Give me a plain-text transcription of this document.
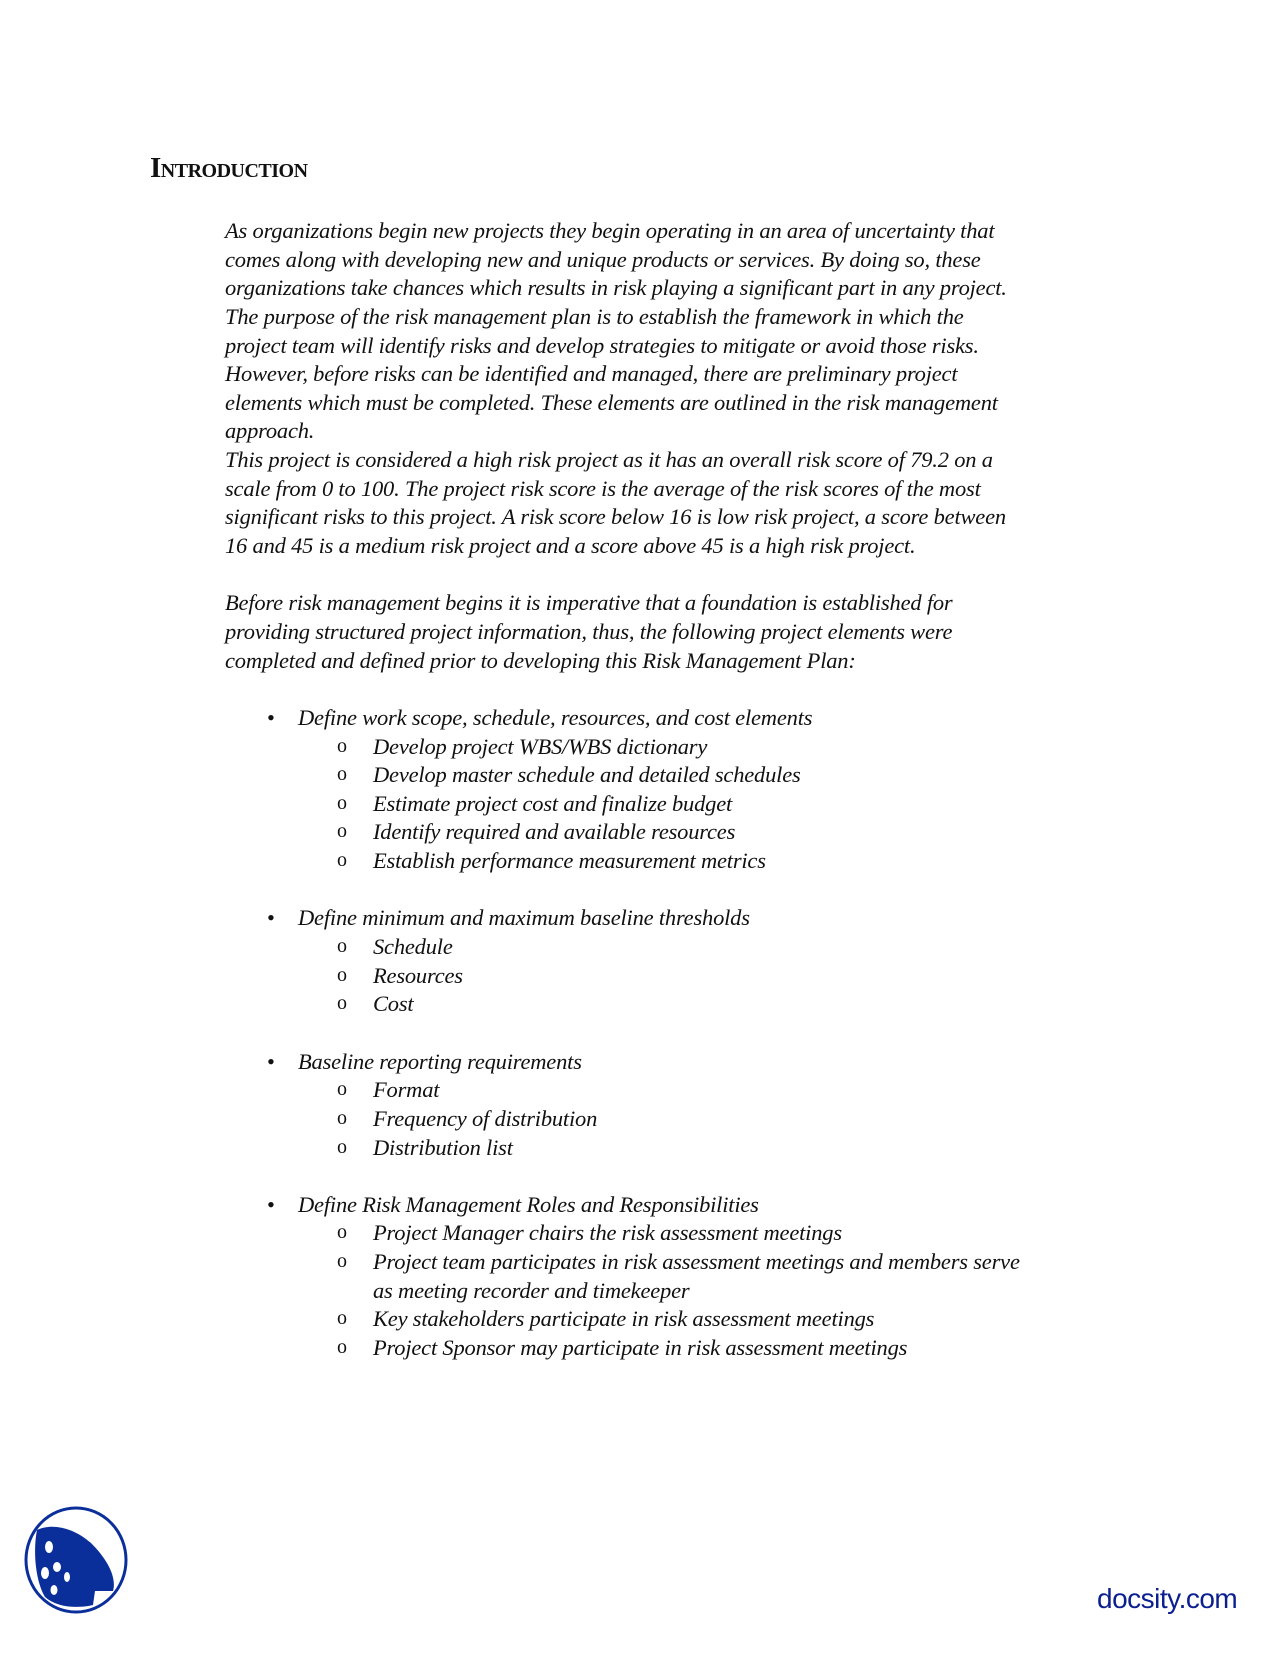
Introduction
As organizations begin new projects they begin operating in an area of uncertainty that
comes along with developing new and unique products or services. By doing so, these
organizations take chances which results in risk playing a significant part in any project.
The purpose of the risk management plan is to establish the framework in which the
project team will identify risks and develop strategies to mitigate or avoid those risks.
However, before risks can be identified and managed, there are preliminary project
elements which must be completed. These elements are outlined in the risk management
approach.
This project is considered a high risk project as it has an overall risk score of 79.2 on a
scale from 0 to 100. The project risk score is the average of the risk scores of the most
significant risks to this project. A risk score below 16 is low risk project, a score between
16 and 45 is a medium risk project and a score above 45 is a high risk project.
Before risk management begins it is imperative that a foundation is established for
providing structured project information, thus, the following project elements were
completed and defined prior to developing this Risk Management Plan:
• Define work scope, schedule, resources, and cost elements
o Develop project WBS/WBS dictionary
o Develop master schedule and detailed schedules
o Estimate project cost and finalize budget
o Identify required and available resources
o Establish performance measurement metrics
• Define minimum and maximum baseline thresholds
o Schedule
o Resources
o Cost
• Baseline reporting requirements
o Format
o Frequency of distribution
o Distribution list
• Define Risk Management Roles and Responsibilities
o Project Manager chairs the risk assessment meetings
o Project team participates in risk assessment meetings and members serve
as meeting recorder and timekeeper
o Key stakeholders participate in risk assessment meetings
o Project Sponsor may participate in risk assessment meetings
docsity.com
